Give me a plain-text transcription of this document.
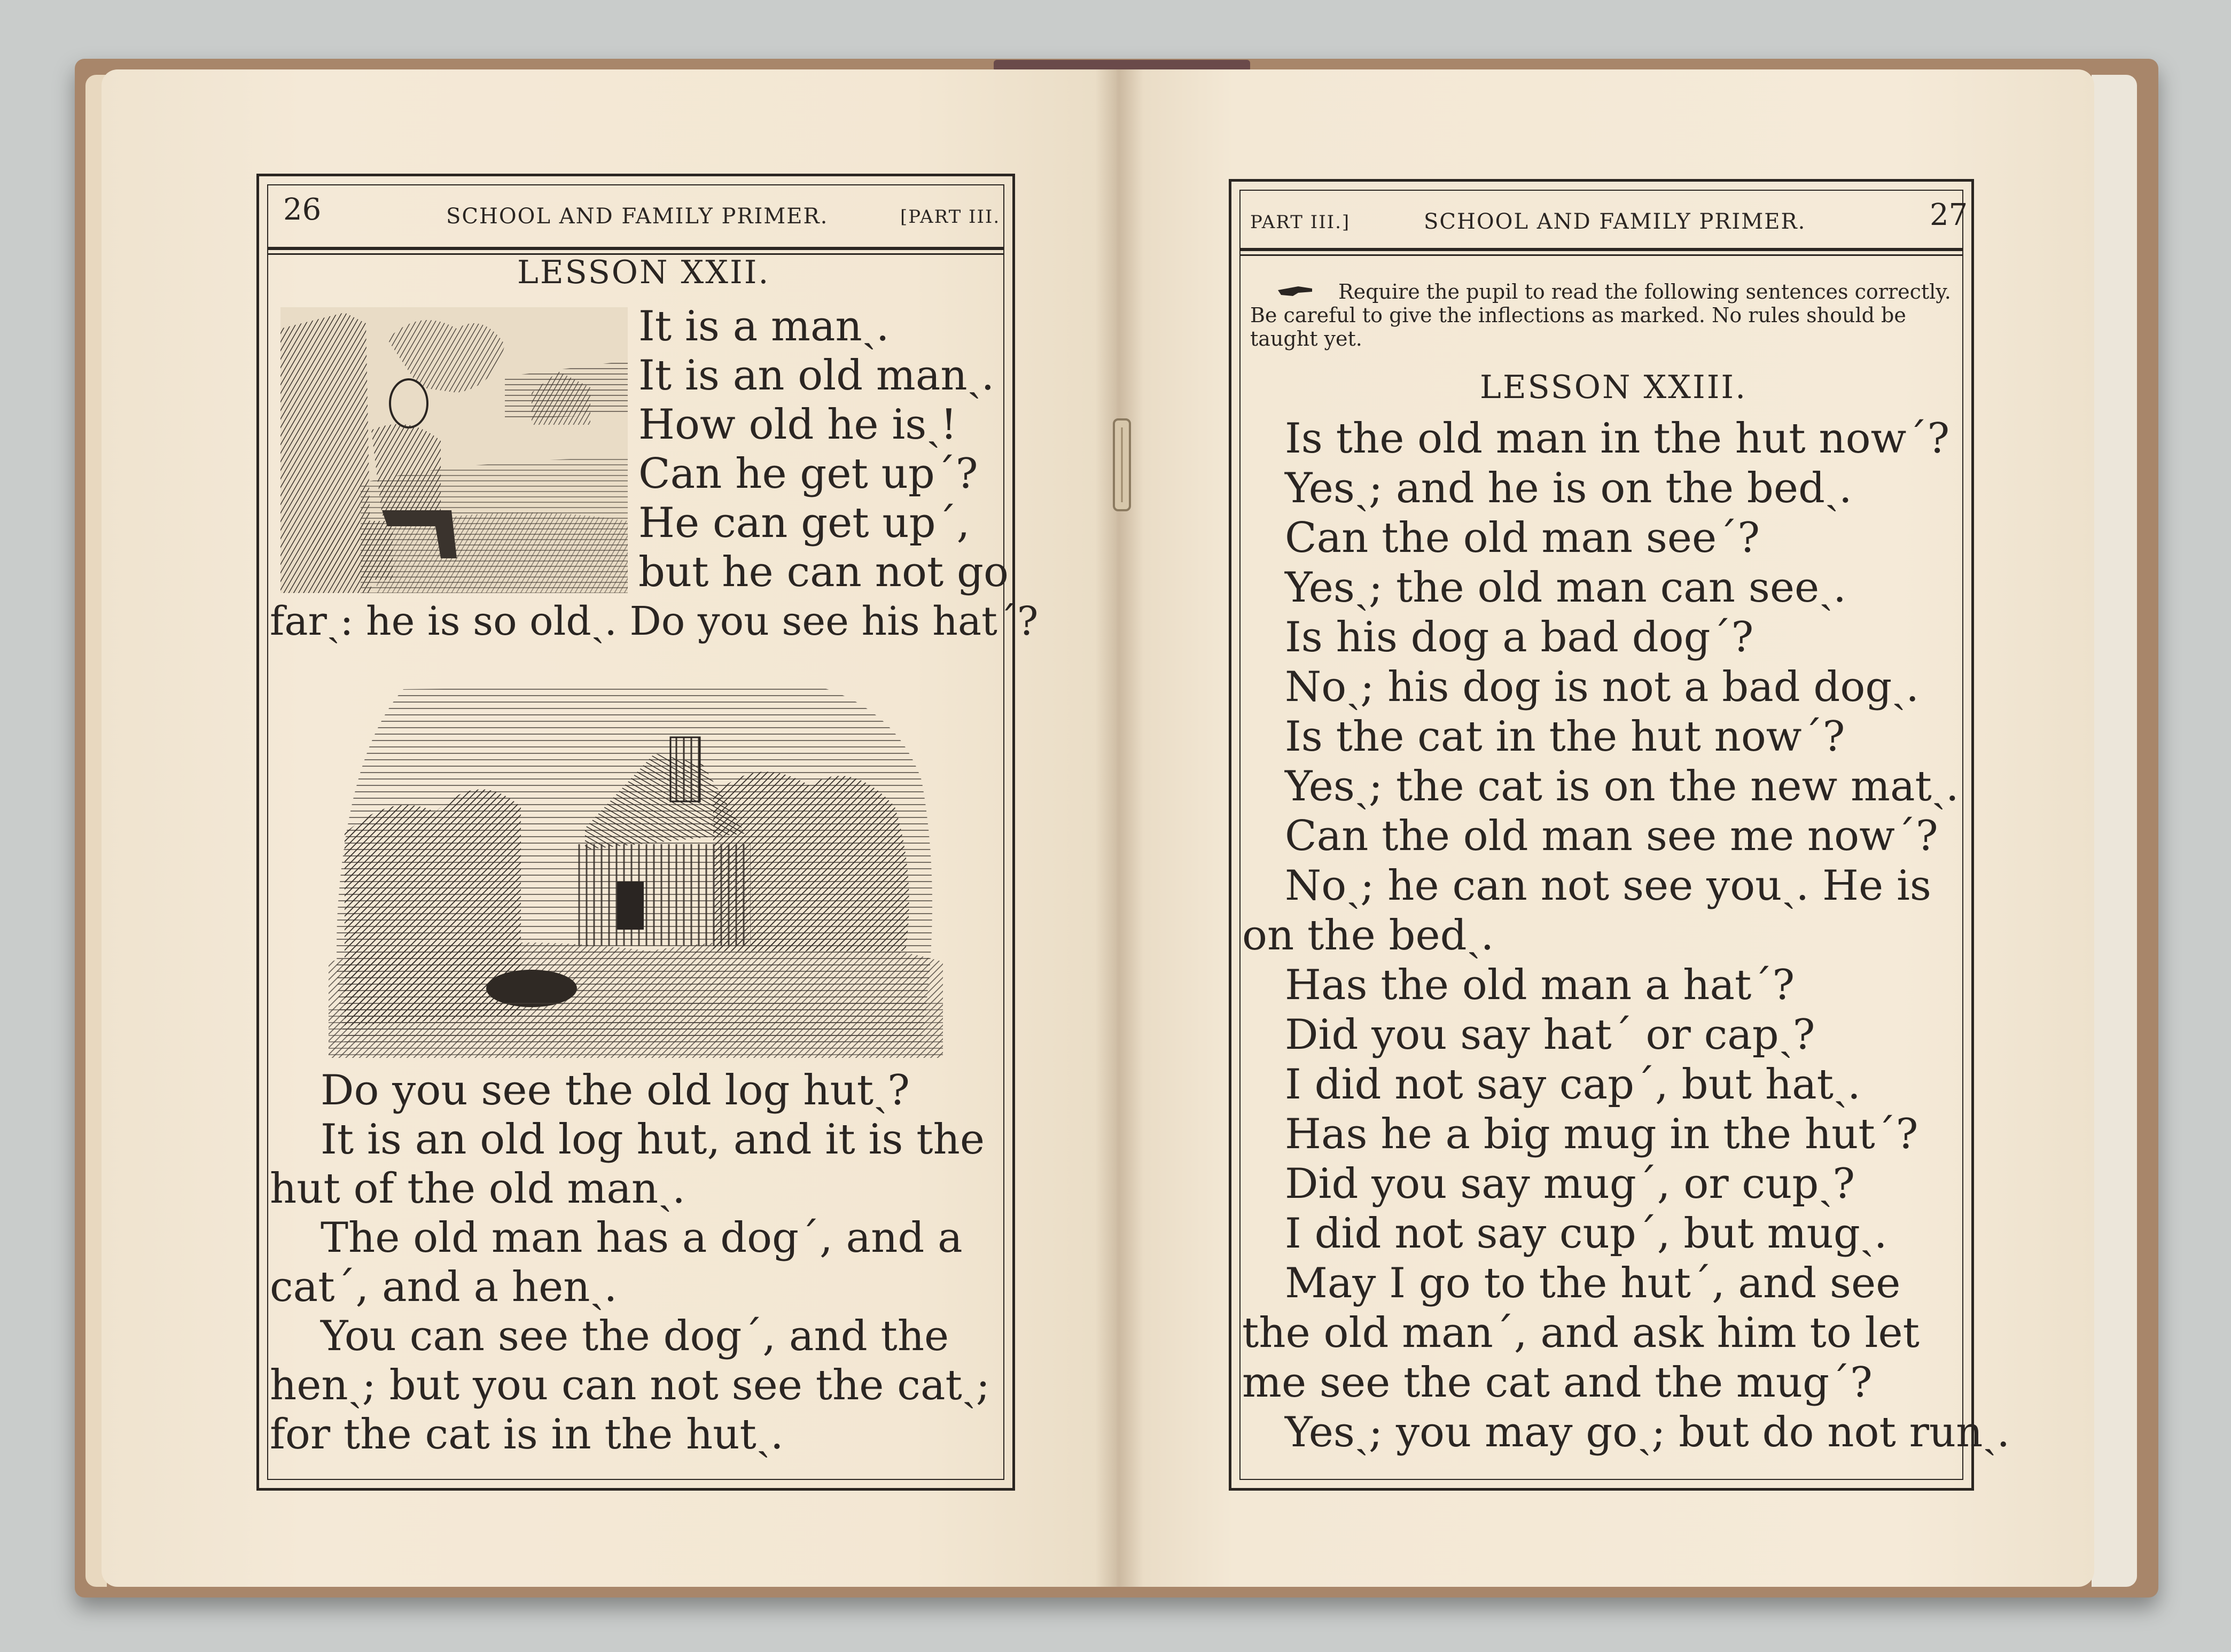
26	SCHOOL AND FAMILY PRIMER.	[PART III.
LESSON XXII.
It is a manˎ.
It is an old manˎ.
How old he isˎ!
Can he get upˊ?
He can get upˊ,
but he can not go
farˎ: he is so oldˎ. Do you see his hatˊ?
Do you see the old log hutˎ?
It is an old log hut, and it is the
hut of the old manˎ.
The old man has a dogˊ, and a
catˊ, and a henˎ.
You can see the dogˊ, and the
henˎ; but you can not see the catˎ;
for the cat is in the hutˎ.
PART III.]	SCHOOL AND FAMILY PRIMER.	27
Require the pupil to read the following sentences correctly.
Be careful to give the inflections as marked. No rules should be
taught yet.
LESSON XXIII.
Is the old man in the hut nowˊ?
Yesˎ; and he is on the bedˎ.
Can the old man seeˊ?
Yesˎ; the old man can seeˎ.
Is his dog a bad dogˊ?
Noˎ; his dog is not a bad dogˎ.
Is the cat in the hut nowˊ?
Yesˎ; the cat is on the new matˎ.
Can the old man see me nowˊ?
Noˎ; he can not see youˎ. He is
on the bedˎ.
Has the old man a hatˊ?
Did you say hatˊ or capˎ?
I did not say capˊ, but hatˎ.
Has he a big mug in the hutˊ?
Did you say mugˊ, or cupˎ?
I did not say cupˊ, but mugˎ.
May I go to the hutˊ, and see
the old manˊ, and ask him to let
me see the cat and the mugˊ?
Yesˎ; you may goˎ; but do not runˎ.
